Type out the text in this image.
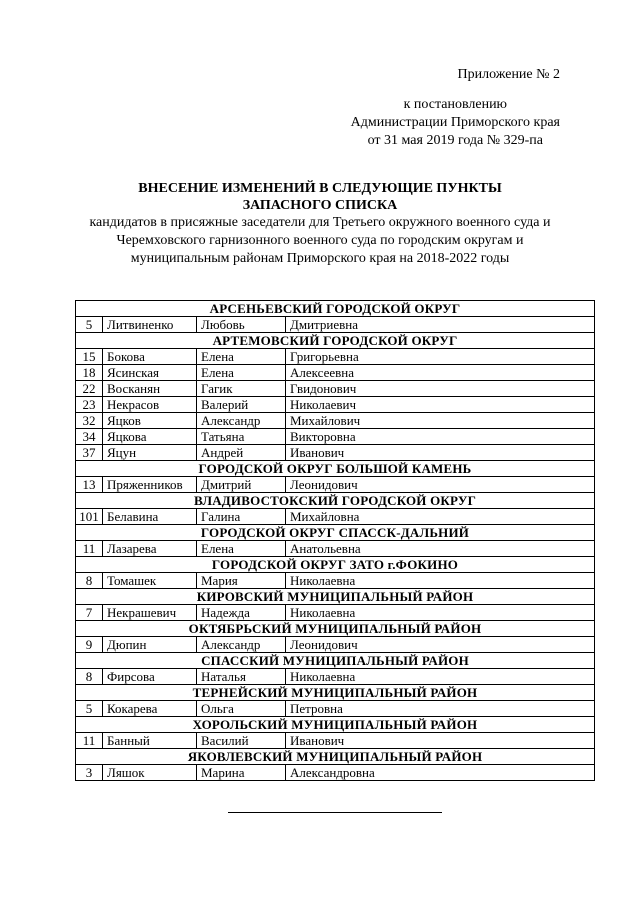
Приложение № 2
к постановлению
Администрации Приморского края
от 31 мая 2019 года № 329-па
ВНЕСЕНИЕ ИЗМЕНЕНИЙ В СЛЕДУЮЩИЕ ПУНКТЫ
ЗАПАСНОГО СПИСКА
кандидатов в присяжные заседатели для Третьего окружного военного суда и
Черемховского гарнизонного военного суда по городским округам и
муниципальным районам Приморского края на 2018-2022 годы
АРСЕНЬЕВСКИЙ ГОРОДСКОЙ ОКРУГ			
5	Литвиненко	Любовь	Дмитриевна
АРТЕМОВСКИЙ ГОРОДСКОЙ ОКРУГ			
15	Бокова	Елена	Григорьевна
18	Ясинская	Елена	Алексеевна
22	Восканян	Гагик	Гвидонович
23	Некрасов	Валерий	Николаевич
32	Яцков	Александр	Михайлович
34	Яцкова	Татьяна	Викторовна
37	Яцун	Андрей	Иванович
ГОРОДСКОЙ ОКРУГ БОЛЬШОЙ КАМЕНЬ			
13	Пряженников	Дмитрий	Леонидович
ВЛАДИВОСТОКСКИЙ ГОРОДСКОЙ ОКРУГ			
101	Белавина	Галина	Михайловна
ГОРОДСКОЙ ОКРУГ СПАССК-ДАЛЬНИЙ			
11	Лазарева	Елена	Анатольевна
ГОРОДСКОЙ ОКРУГ ЗАТО г.ФОКИНО			
8	Томашек	Мария	Николаевна
КИРОВСКИЙ МУНИЦИПАЛЬНЫЙ РАЙОН			
7	Некрашевич	Надежда	Николаевна
ОКТЯБРЬСКИЙ МУНИЦИПАЛЬНЫЙ РАЙОН			
9	Дюпин	Александр	Леонидович
СПАССКИЙ МУНИЦИПАЛЬНЫЙ РАЙОН			
8	Фирсова	Наталья	Николаевна
ТЕРНЕЙСКИЙ МУНИЦИПАЛЬНЫЙ РАЙОН			
5	Кокарева	Ольга	Петровна
ХОРОЛЬСКИЙ МУНИЦИПАЛЬНЫЙ РАЙОН			
11	Банный	Василий	Иванович
ЯКОВЛЕВСКИЙ МУНИЦИПАЛЬНЫЙ РАЙОН			
3	Ляшок	Марина	Александровна
